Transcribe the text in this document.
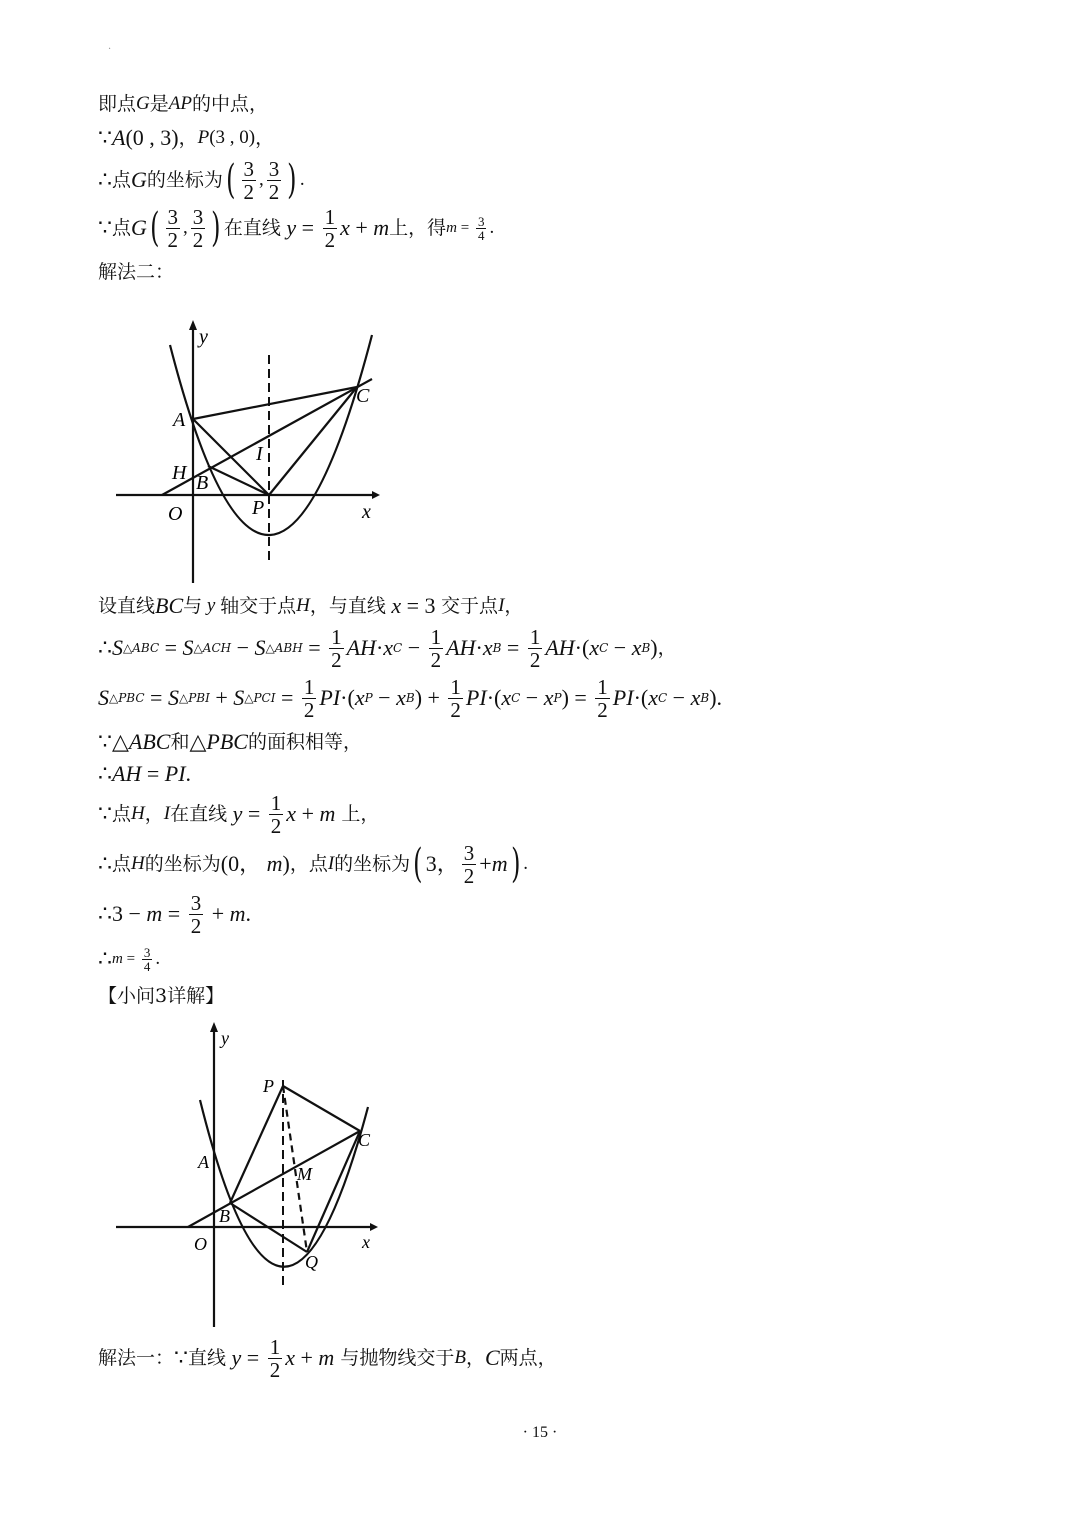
·
即点 G 是 AP 的中点，
∵ A (0 , 3) ， P (3 , 0) ，
∴ 点 G 的坐标为 ( $\frac{3}{2}$ , $\frac{3}{2}$ ) .
∵ 点 G ( $\frac{3}{2}$ , $\frac{3}{2}$ ) 在直线 $y = \frac{1}{2}$ x + m 上，得 $m = \frac{3}{4}$ .
解法二：
y
x
O
A
H B
P
I
C
设直线 BC 与 y 轴交于点 H ，与直线 x = 3 交于点 I ，
∴ S △ABC = S △ACH − S △ABH = $\frac{1}{2}$ AH · x $C - \frac{1}{2}$ AH · x $B = \frac{1}{2}$ AH ·( x C − x B ) ，
S △PBC = S △PBI + S △PCI = $\frac{1}{2}$ PI ·( x P − x B ) + $\frac{1}{2}$ PI ·( x C − x P ) = $\frac{1}{2}$ PI ·( x C − x B ).
∵△ ABC 和 △ PBC 的面积相等，
∴ AH = PI .
∵ 点 H ， I 在直线 $y = \frac{1}{2}$ x + m 上，
∴ 点 H 的坐标为 (0， m ) ，点 I 的坐标为 ( 3， $\frac{3}{2} + m$ ) .
∴3 − $m = \frac{3}{2} + m$ .
∴ $m = \frac{3}{4}$ .
【小问3详解】
y
x
O
A
B
P
M
C
Q
解法一： ∵ 直线 $y = \frac{1}{2}$ x + m 与抛物线交于 B ， C 两点，
· 15 ·
